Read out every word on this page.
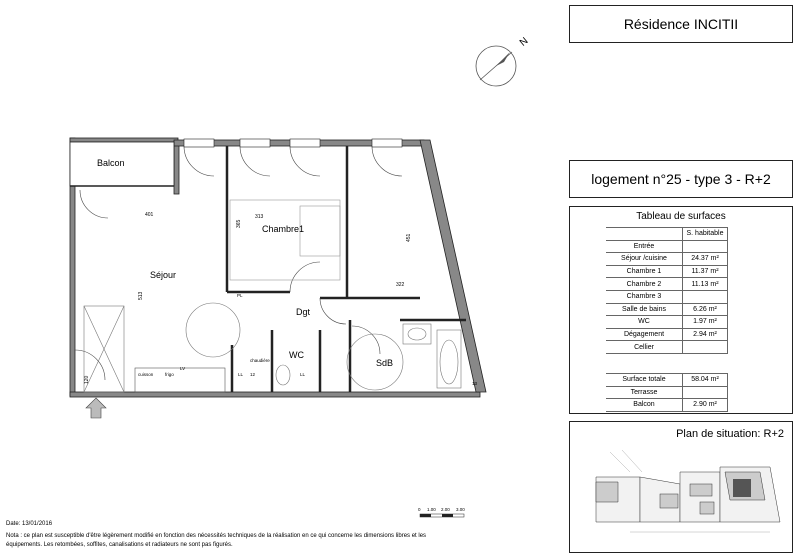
N
Balcon
Séjour
Chambre1
Dgt
WC
SdB
401	313
365
451
513
322
120
cuisson	frigo
LV
LL
chaudière
12	LL
PL
13
0 1.00 2.00 3.00
Résidence INCITII
logement n°25 - type 3 - R+2
Tableau de surfaces
	S. habitable
Entrée	
Séjour /cuisine	24.37 m²
Chambre 1	11.37 m²
Chambre 2	11.13 m²
Chambre 3	
Salle de bains	6.26 m²
WC	1.97 m²
Dégagement	2.94 m²
Cellier	
Surface totale	58.04 m²
Terrasse	
Balcon	2.90 m²
Plan de situation: R+2
Date: 13/01/2016
Nota : ce plan est susceptible d'être légèrement modifié en fonction des nécessités techniques de la réalisation en ce qui concerne les dimensions libres et les
équipements. Les retombées, soffites, canalisations et radiateurs ne sont pas figurés.
